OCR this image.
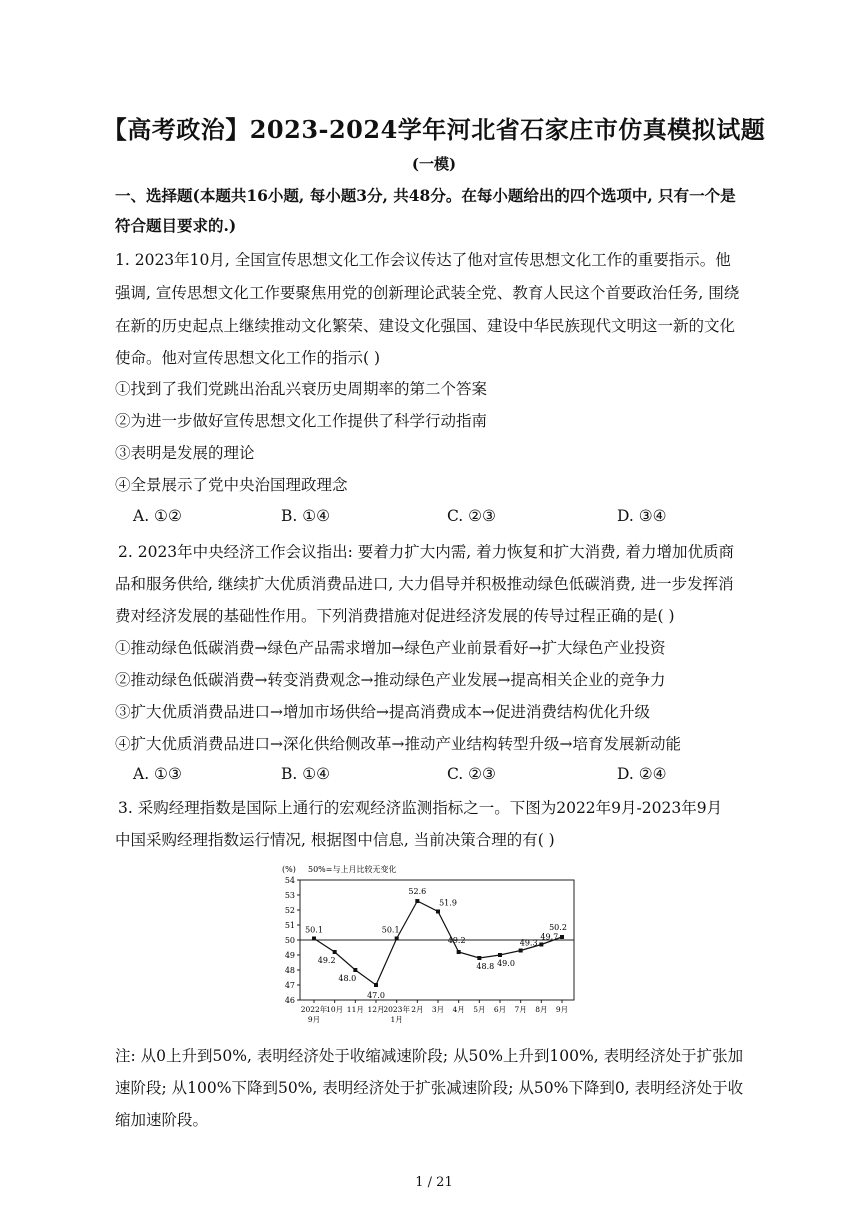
【高考政治】2023-2024学年河北省石家庄市仿真模拟试题
(一模)
一、选择题(本题共16小题, 每小题3分, 共48分。在每小题给出的四个选项中, 只有一个是
符合题目要求的.)
1. 2023年10月, 全国宣传思想文化工作会议传达了他对宣传思想文化工作的重要指示。他
强调, 宣传思想文化工作要聚焦用党的创新理论武装全党、教育人民这个首要政治任务, 围绕
在新的历史起点上继续推动文化繁荣、建设文化强国、建设中华民族现代文明这一新的文化
使命。他对宣传思想文化工作的指示( )
①找到了我们党跳出治乱兴衰历史周期率的第二个答案
②为进一步做好宣传思想文化工作提供了科学行动指南
③表明是发展的理论
④全景展示了党中央治国理政理念
A. ①②	B. ①④	C. ②③	D. ③④
2. 2023年中央经济工作会议指出: 要着力扩大内需, 着力恢复和扩大消费, 着力增加优质商
品和服务供给, 继续扩大优质消费品进口, 大力倡导并积极推动绿色低碳消费, 进一步发挥消
费对经济发展的基础性作用。下列消费措施对促进经济发展的传导过程正确的是( )
①推动绿色低碳消费→绿色产品需求增加→绿色产业前景看好→扩大绿色产业投资
②推动绿色低碳消费→转变消费观念→推动绿色产业发展→提高相关企业的竞争力
③扩大优质消费品进口→增加市场供给→提高消费成本→促进消费结构优化升级
④扩大优质消费品进口→深化供给侧改革→推动产业结构转型升级→培育发展新动能
A. ①③	B. ①④	C. ②③	D. ②④
3. 采购经理指数是国际上通行的宏观经济监测指标之一。下图为2022年9月-2023年9月
中国采购经理指数运行情况, 根据图中信息, 当前决策合理的有( )
(%) 50%=与上月比较无变化
46
47
48
49
50
51
52
53
54
2022年
9月
10月 11月 12月
2023年
1月
2月 3月 4月 5月 6月 7月 8月 9月
50.1
49.2
48.0
47.0
50.1
52.6
51.9
49.2
48.8 49.0
49.3
49.7
50.2
注: 从0上升到50%, 表明经济处于收缩减速阶段; 从50%上升到100%, 表明经济处于扩张加
速阶段; 从100%下降到50%, 表明经济处于扩张减速阶段; 从50%下降到0, 表明经济处于收
缩加速阶段。
1 / 21
